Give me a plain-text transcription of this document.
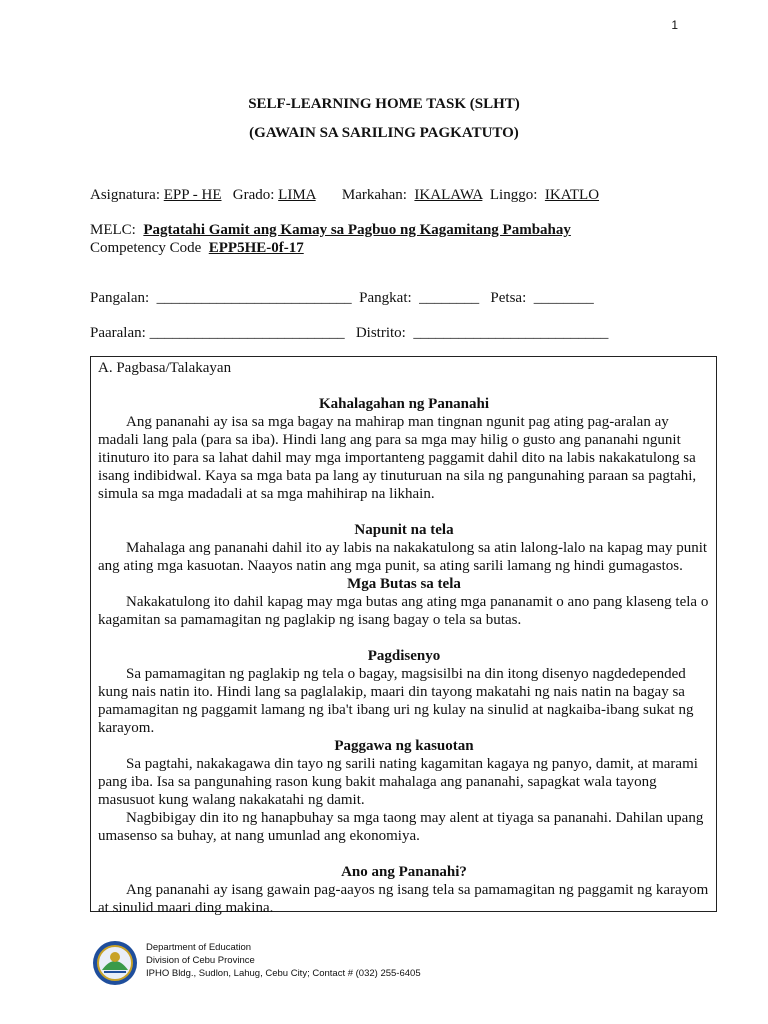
1
SELF-LEARNING HOME TASK (SLHT)
(GAWAIN SA SARILING PAGKATUTO)
Asignatura: EPP - HE Grado: LIMA Markahan: IKALAWA Linggo: IKATLO
MELC: Pagtatahi Gamit ang Kamay sa Pagbuo ng Kagamitang Pambahay
Competency Code EPP5HE-0f-17
Pangalan: __________________________ Pangkat: ________ Petsa: ________
Paaralan: __________________________ Distrito: __________________________

A. Pagbasa/Talakayan

Kahalagahan ng Pananahi

Ang pananahi ay isa sa mga bagay na mahirap man tingnan ngunit pag ating pag-aralan ay madali lang pala (para sa iba). Hindi lang ang para sa mga may hilig o gusto ang pananahi ngunit itinuturo ito para sa lahat dahil may mga importanteng paggamit dahil dito na labis nakakatulong sa isang indibidwal. Kaya sa mga bata pa lang ay tinuturuan na sila ng pangunahing paraan sa pagtahi, simula sa mga madadali at sa mga mahihirap na likhain.

Napunit na tela

Mahalaga ang pananahi dahil ito ay labis na nakakatulong sa atin lalong-lalo na kapag may punit ang ating mga kasuotan. Naayos natin ang mga punit, sa ating sarili lamang ng hindi gumagastos.

Mga Butas sa tela

Nakakatulong ito dahil kapag may mga butas ang ating mga pananamit o ano pang klaseng tela o kagamitan sa pamamagitan ng paglakip ng isang bagay o tela sa butas.

Pagdisenyo

Sa pamamagitan ng paglakip ng tela o bagay, magsisilbi na din itong disenyo nagdedepended kung nais natin ito. Hindi lang sa paglalakip, maari din tayong makatahi ng nais natin na bagay sa pamamagitan ng paggamit lamang ng iba't ibang uri ng kulay na sinulid at nagkaiba-ibang sukat ng karayom.

Paggawa ng kasuotan

Sa pagtahi, nakakagawa din tayo ng sarili nating kagamitan kagaya ng panyo, damit, at marami pang iba. Isa sa pangunahing rason kung bakit mahalaga ang pananahi, sapagkat wala tayong masusuot kung walang nakakatahi ng damit.

Nagbibigay din ito ng hanapbuhay sa mga taong may alent at tiyaga sa pananahi. Dahilan upang umasenso sa buhay, at nang umunlad ang ekonomiya.

Ano ang Pananahi?

Ang pananahi ay isang gawain pag-aayos ng isang tela sa pamamagitan ng paggamit ng karayom at sinulid maari ding makina.

Department of Education
Division of Cebu Province
IPHO Bldg., Sudlon, Lahug, Cebu City; Contact # (032) 255-6405
